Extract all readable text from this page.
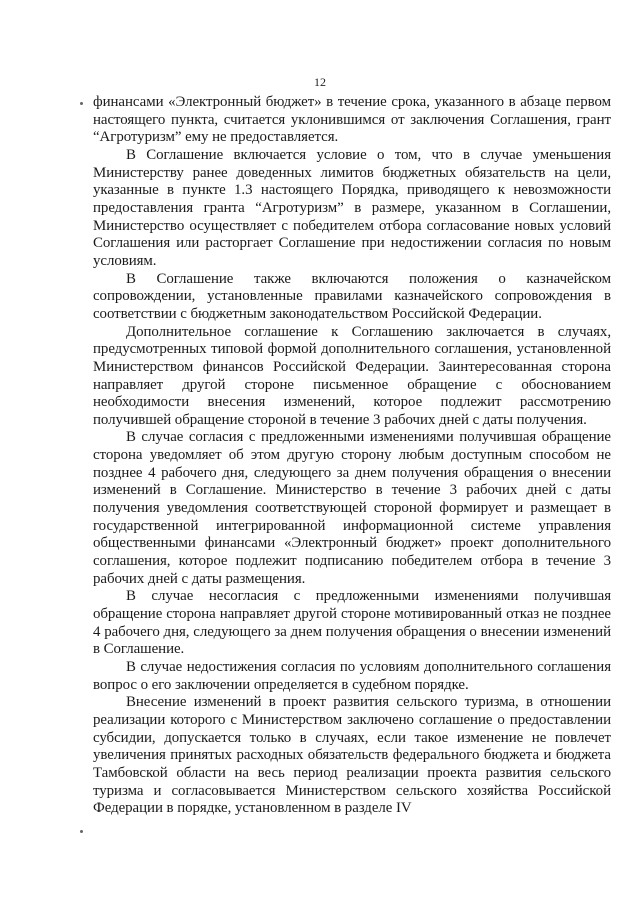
12

финансами «Электронный бюджет» в течение срока, указанного в абзаце первом настоящего пункта, считается уклонившимся от заключения Соглашения, грант “Агротуризм” ему не предоставляется.

В Соглашение включается условие о том, что в случае уменьшения Министерству ранее доведенных лимитов бюджетных обязательств на цели, указанные в пункте 1.3 настоящего Порядка, приводящего к невозможности предоставления гранта “Агротуризм” в размере, указанном в Соглашении, Министерство осуществляет с победителем отбора согласование новых условий Соглашения или расторгает Соглашение при недостижении согласия по новым условиям.

В Соглашение также включаются положения о казначейском сопровождении, установленные правилами казначейского сопровождения в соответствии с бюджетным законодательством Российской Федерации.

Дополнительное соглашение к Соглашению заключается в случаях, предусмотренных типовой формой дополнительного соглашения, установленной Министерством финансов Российской Федерации. Заинтересованная сторона направляет другой стороне письменное обращение с обоснованием необходимости внесения изменений, которое подлежит рассмотрению получившей обращение стороной в течение 3 рабочих дней с даты получения.

В случае согласия с предложенными изменениями получившая обращение сторона уведомляет об этом другую сторону любым доступным способом не позднее 4 рабочего дня, следующего за днем получения обращения о внесении изменений в Соглашение. Министерство в течение 3 рабочих дней с даты получения уведомления соответствующей стороной формирует и размещает в государственной интегрированной информационной системе управления общественными финансами «Электронный бюджет» проект дополнительного соглашения, которое подлежит подписанию победителем отбора в течение 3 рабочих дней с даты размещения.

В случае несогласия с предложенными изменениями получившая обращение сторона направляет другой стороне мотивированный отказ не позднее 4 рабочего дня, следующего за днем получения обращения о внесении изменений в Соглашение.

В случае недостижения согласия по условиям дополнительного соглашения вопрос о его заключении определяется в судебном порядке.

Внесение изменений в проект развития сельского туризма, в отношении реализации которого с Министерством заключено соглашение о предоставлении субсидии, допускается только в случаях, если такое изменение не повлечет увеличения принятых расходных обязательств федерального бюджета и бюджета Тамбовской области на весь период реализации проекта развития сельского туризма и согласовывается Министерством сельского хозяйства Российской Федерации в порядке, установленном в разделе IV
